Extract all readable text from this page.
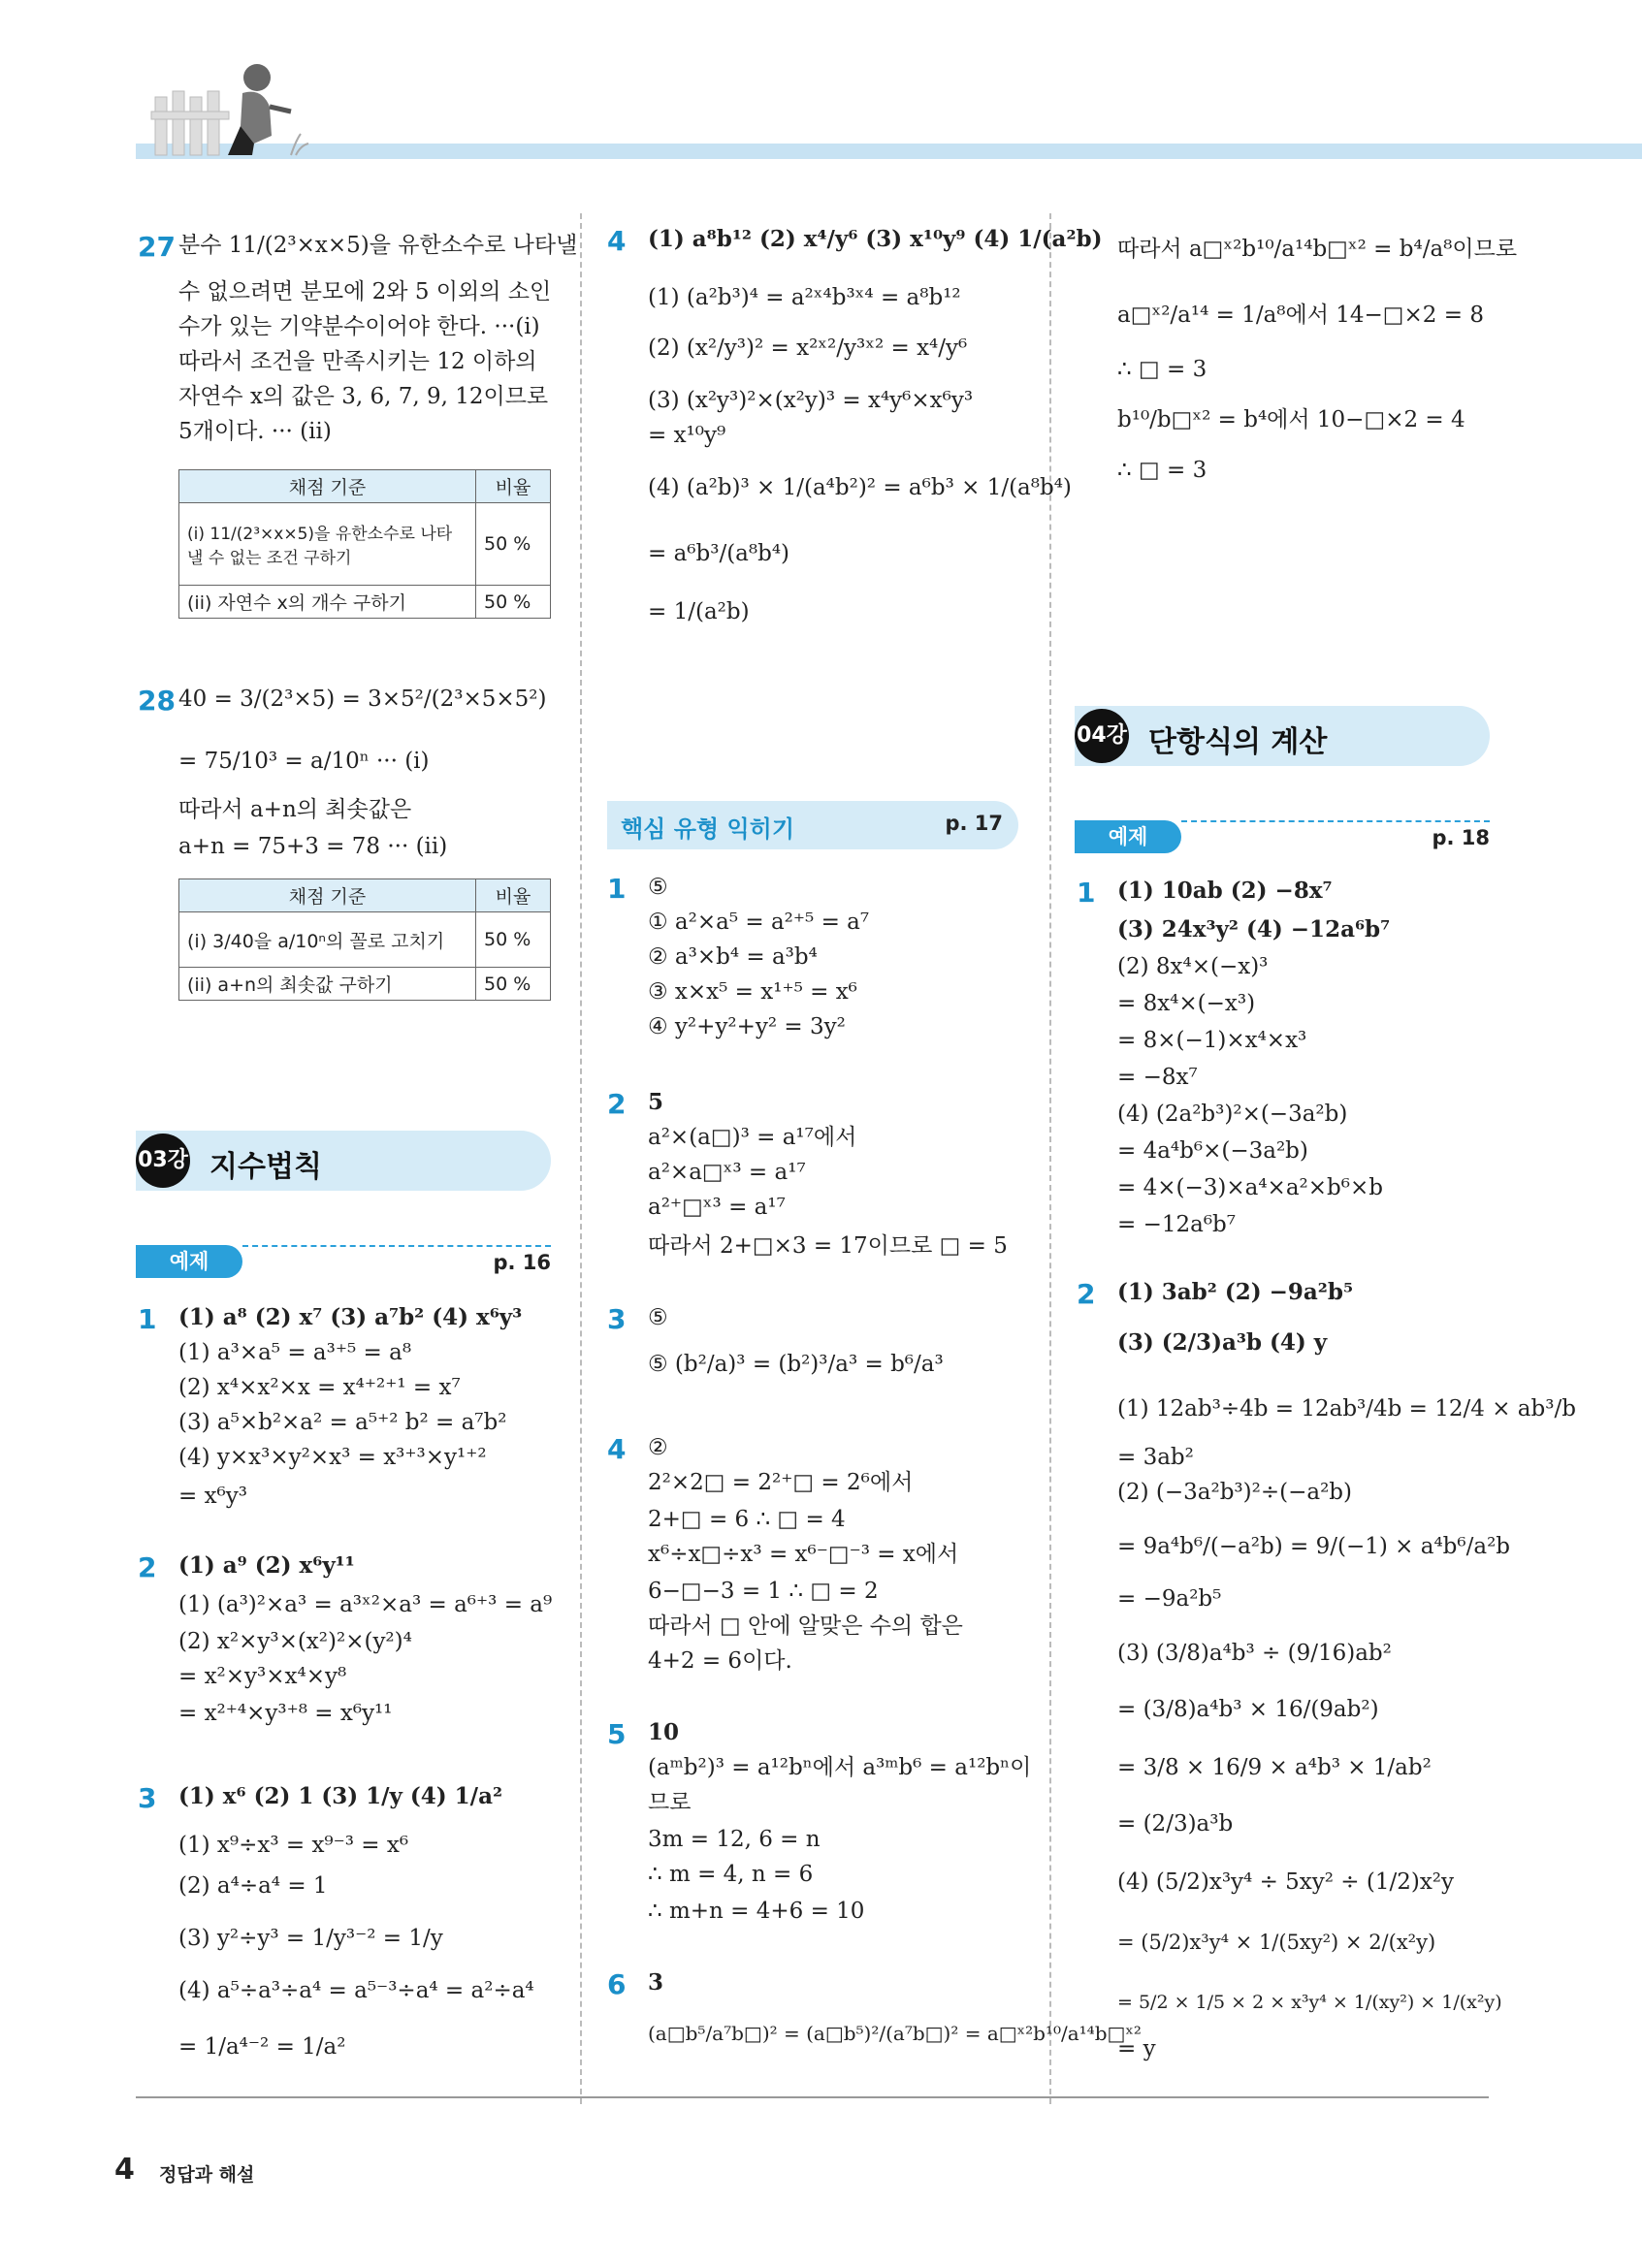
27 분수 11/(2³×x×5)을 유한소수로 나타낼
수 없으려면 분모에 2와 5 이외의 소인
수가 있는 기약분수이어야 한다. ···(i)
따라서 조건을 만족시키는 12 이하의
자연수 x의 값은 3, 6, 7, 9, 12이므로
5개이다. ··· (ii)
채점 기준	비율
(i) 11/(2³×x×5)을 유한소수로 나타낼 수 없는 조건 구하기	50 %
(ii) 자연수 x의 개수 구하기	50 %
28 40 = 3/(2³×5) = 3×5²/(2³×5×5²)
= 75/10³ = a/10ⁿ ··· (i)
따라서 a+n의 최솟값은
a+n = 75+3 = 78 ··· (ii)
채점 기준	비율
(i) 3/40을 a/10ⁿ의 꼴로 고치기	50 %
(ii) a+n의 최솟값 구하기	50 %
03강 지수법칙
예제	p. 16
1 (1) a⁸ (2) x⁷ (3) a⁷b² (4) x⁶y³
(1) a³×a⁵ = a³⁺⁵ = a⁸
(2) x⁴×x²×x = x⁴⁺²⁺¹ = x⁷
(3) a⁵×b²×a² = a⁵⁺² b² = a⁷b²
(4) y×x³×y²×x³ = x³⁺³×y¹⁺²
= x⁶y³
2 (1) a⁹ (2) x⁶y¹¹
(1) (a³)²×a³ = a³ˣ²×a³ = a⁶⁺³ = a⁹
(2) x²×y³×(x²)²×(y²)⁴
= x²×y³×x⁴×y⁸
= x²⁺⁴×y³⁺⁸ = x⁶y¹¹
3 (1) x⁶ (2) 1 (3) 1/y (4) 1/a²
(1) x⁹÷x³ = x⁹⁻³ = x⁶
(2) a⁴÷a⁴ = 1
(3) y²÷y³ = 1/y³⁻² = 1/y
(4) a⁵÷a³÷a⁴ = a⁵⁻³÷a⁴ = a²÷a⁴
= 1/a⁴⁻² = 1/a²
4 (1) a⁸b¹² (2) x⁴/y⁶ (3) x¹⁰y⁹ (4) 1/(a²b)
(1) (a²b³)⁴ = a²ˣ⁴b³ˣ⁴ = a⁸b¹²
(2) (x²/y³)² = x²ˣ²/y³ˣ² = x⁴/y⁶
(3) (x²y³)²×(x²y)³ = x⁴y⁶×x⁶y³
= x¹⁰y⁹
(4) (a²b)³ × 1/(a⁴b²)² = a⁶b³ × 1/(a⁸b⁴)
= a⁶b³/(a⁸b⁴)
= 1/(a²b)
핵심 유형 익히기	p. 17
1 ⑤
① a²×a⁵ = a²⁺⁵ = a⁷
② a³×b⁴ = a³b⁴
③ x×x⁵ = x¹⁺⁵ = x⁶
④ y²+y²+y² = 3y²
2 5
a²×(a□)³ = a¹⁷에서
a²×a□ˣ³ = a¹⁷
a²⁺□ˣ³ = a¹⁷
따라서 2+□×3 = 17이므로 □ = 5
3 ⑤
⑤ (b²/a)³ = (b²)³/a³ = b⁶/a³
4 ②
2²×2□ = 2²⁺□ = 2⁶에서
2+□ = 6 ∴ □ = 4
x⁶÷x□÷x³ = x⁶⁻□⁻³ = x에서
6−□−3 = 1 ∴ □ = 2
따라서 □ 안에 알맞은 수의 합은
4+2 = 6이다.
5 10
(aᵐb²)³ = a¹²bⁿ에서 a³ᵐb⁶ = a¹²bⁿ이
므로
3m = 12, 6 = n
∴ m = 4, n = 6
∴ m+n = 4+6 = 10
6 3
(a□b⁵/a⁷b□)² = (a□b⁵)²/(a⁷b□)² = a□ˣ²b¹⁰/a¹⁴b□ˣ²
따라서 a□ˣ²b¹⁰/a¹⁴b□ˣ² = b⁴/a⁸이므로
a□ˣ²/a¹⁴ = 1/a⁸에서 14−□×2 = 8
∴ □ = 3
b¹⁰/b□ˣ² = b⁴에서 10−□×2 = 4
∴ □ = 3
04강 단항식의 계산
예제	p. 18
1 (1) 10ab (2) −8x⁷
(3) 24x³y² (4) −12a⁶b⁷
(2) 8x⁴×(−x)³
= 8x⁴×(−x³)
= 8×(−1)×x⁴×x³
= −8x⁷
(4) (2a²b³)²×(−3a²b)
= 4a⁴b⁶×(−3a²b)
= 4×(−3)×a⁴×a²×b⁶×b
= −12a⁶b⁷
2 (1) 3ab² (2) −9a²b⁵
(3) (2/3)a³b (4) y
(1) 12ab³÷4b = 12ab³/4b = 12/4 × ab³/b
= 3ab²
(2) (−3a²b³)²÷(−a²b)
= 9a⁴b⁶/(−a²b) = 9/(−1) × a⁴b⁶/a²b
= −9a²b⁵
(3) (3/8)a⁴b³ ÷ (9/16)ab²
= (3/8)a⁴b³ × 16/(9ab²)
= 3/8 × 16/9 × a⁴b³ × 1/ab²
= (2/3)a³b
(4) (5/2)x³y⁴ ÷ 5xy² ÷ (1/2)x²y
= (5/2)x³y⁴ × 1/(5xy²) × 2/(x²y)
= 5/2 × 1/5 × 2 × x³y⁴ × 1/(xy²) × 1/(x²y)
= y
4 정답과 해설
